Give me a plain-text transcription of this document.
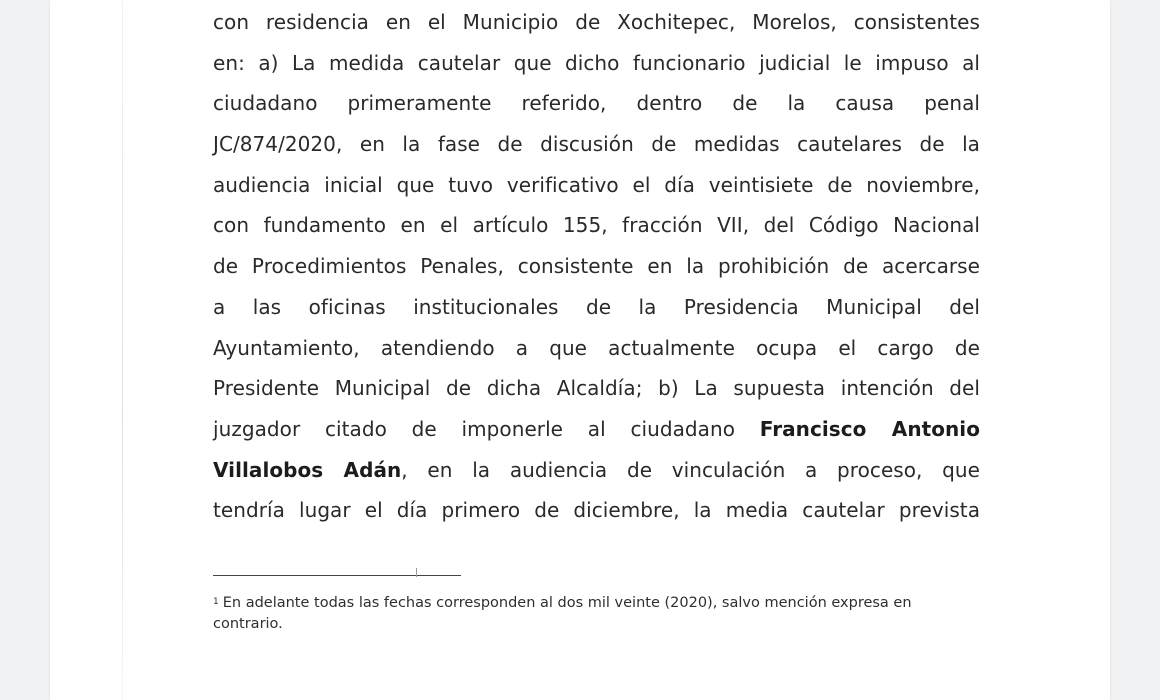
con residencia en el Municipio de Xochitepec, Morelos, consistentes
en: a) La medida cautelar que dicho funcionario judicial le impuso al
ciudadano primeramente referido, dentro de la causa penal
JC/874/2020, en la fase de discusión de medidas cautelares de la
audiencia inicial que tuvo verificativo el día veintisiete de noviembre,
con fundamento en el artículo 155, fracción VII, del Código Nacional
de Procedimientos Penales, consistente en la prohibición de acercarse
a las oficinas institucionales de la Presidencia Municipal del
Ayuntamiento, atendiendo a que actualmente ocupa el cargo de
Presidente Municipal de dicha Alcaldía; b) La supuesta intención del
juzgador citado de imponerle al ciudadano Francisco Antonio
Villalobos Adán, en la audiencia de vinculación a proceso, que
tendría lugar el día primero de diciembre, la media cautelar prevista

$^1$ En adelante todas las fechas corresponden al dos mil veinte (2020), salvo mención expresa en contrario.
